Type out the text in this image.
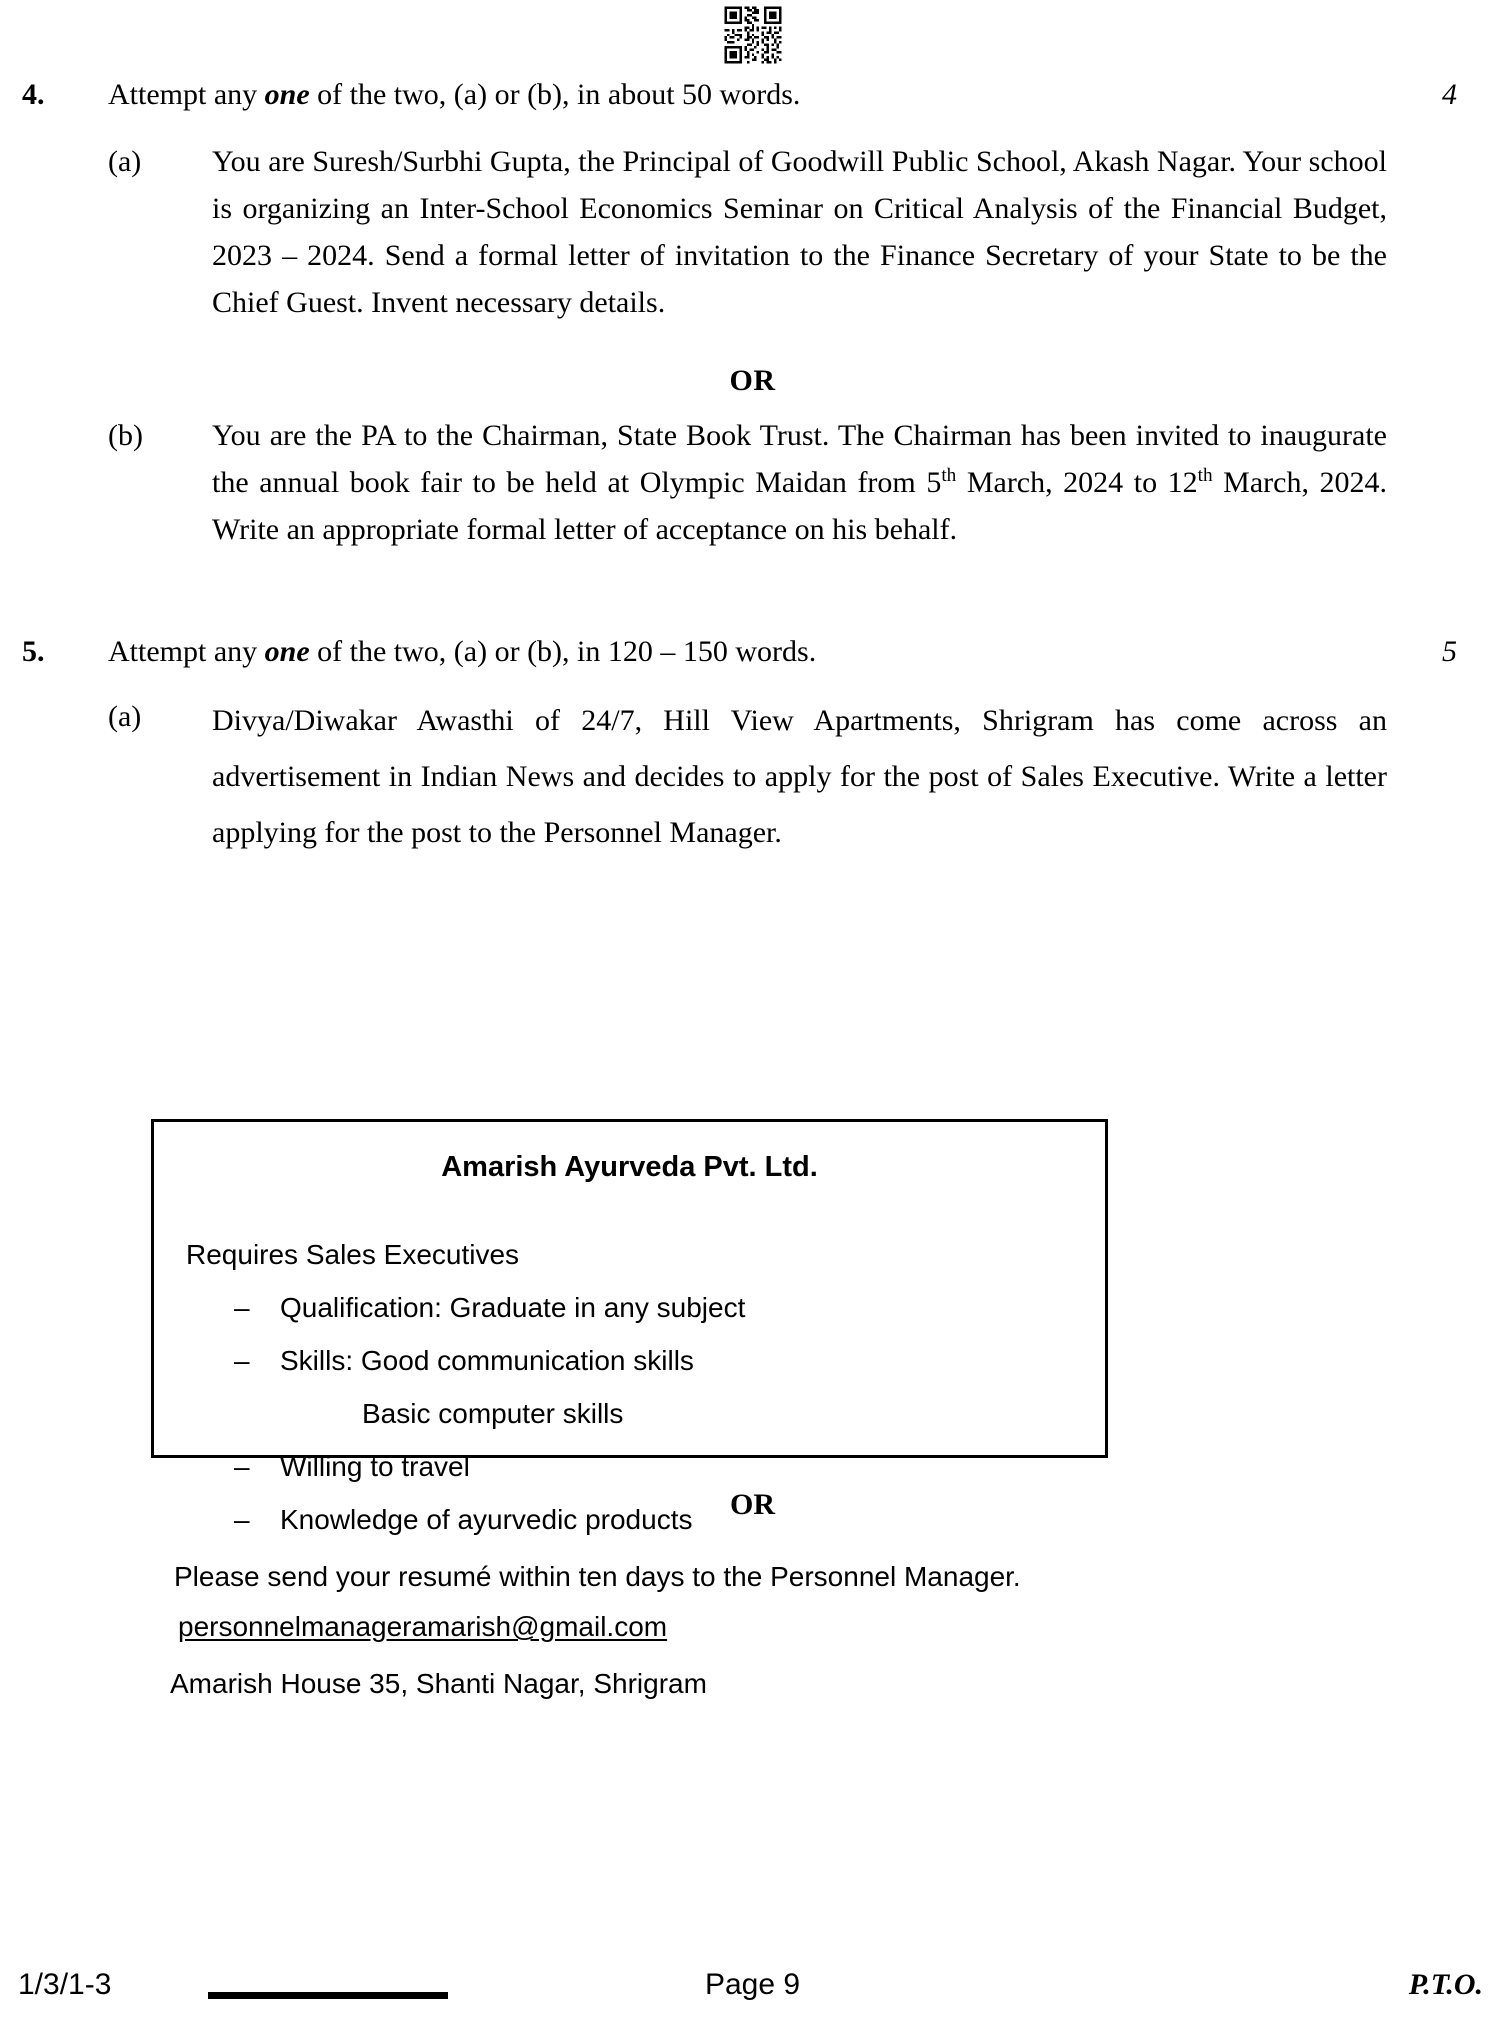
4. Attempt any one of the two, (a) or (b), in about 50 words.	4
(a) You are Suresh/Surbhi Gupta, the Principal of Goodwill Public School, Akash Nagar. Your school is organizing an Inter-School Economics Seminar on Critical Analysis of the Financial Budget, 2023 – 2024. Send a formal letter of invitation to the Finance Secretary of your State to be the Chief Guest. Invent necessary details.
OR
(b) You are the PA to the Chairman, State Book Trust. The Chairman has been invited to inaugurate the annual book fair to be held at Olympic Maidan from 5th March, 2024 to 12th March, 2024. Write an appropriate formal letter of acceptance on his behalf.
5. Attempt any one of the two, (a) or (b), in 120 – 150 words.	5
(a) Divya/Diwakar Awasthi of 24/7, Hill View Apartments, Shrigram has come across an advertisement in Indian News and decides to apply for the post of Sales Executive. Write a letter applying for the post to the Personnel Manager.
Amarish Ayurveda Pvt. Ltd.
Requires Sales Executives
–	Qualification: Graduate in any subject
–	Skills: Good communication skills
Basic computer skills
–	Willing to travel
–	Knowledge of ayurvedic products
Please send your resumé within ten days to the Personnel Manager.
personnelmanageramarish@gmail.com
Amarish House 35, Shanti Nagar, Shrigram
OR
1/3/1-3	Page 9	P.T.O.
